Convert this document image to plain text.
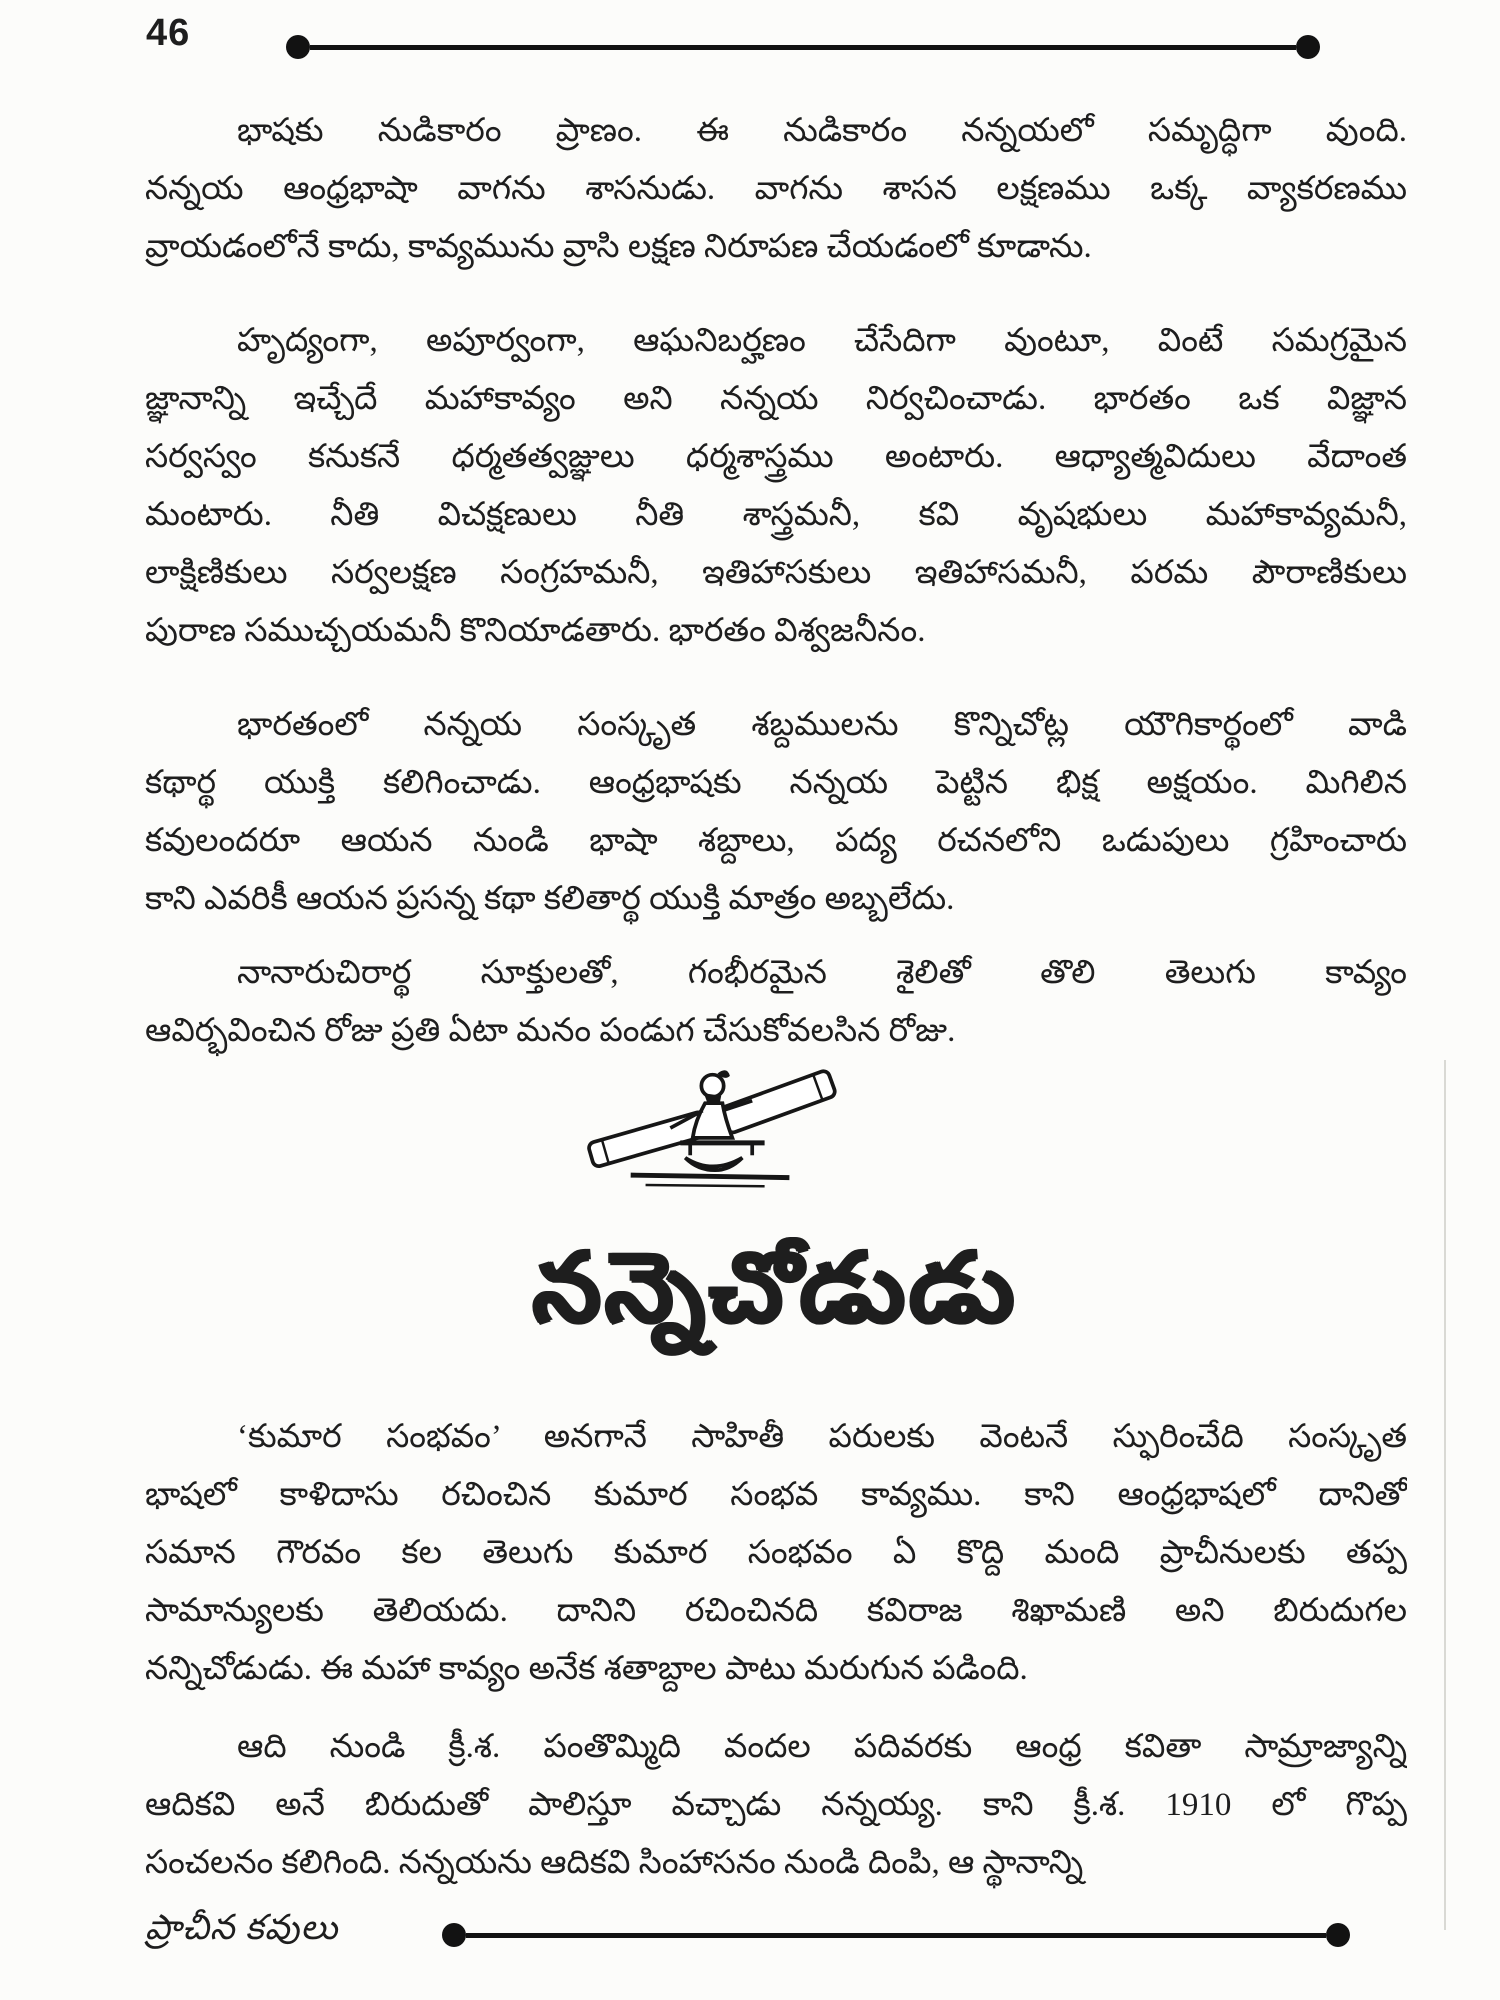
46
భాషకు నుడికారం ప్రాణం. ఈ నుడికారం నన్నయలో సమృద్ధిగా వుంది.
నన్నయ ఆంధ్రభాషా వాగను శాసనుడు. వాగను శాసన లక్షణము ఒక్క వ్యాకరణము
వ్రాయడంలోనే కాదు, కావ్యమును వ్రాసి లక్షణ నిరూపణ చేయడంలో కూడాను.
హృద్యంగా, అపూర్వంగా, ఆఘనిబర్హణం చేసేదిగా వుంటూ, వింటే సమగ్రమైన
జ్ఞానాన్ని ఇచ్చేదే మహాకావ్యం అని నన్నయ నిర్వచించాడు. భారతం ఒక విజ్ఞాన
సర్వస్వం కనుకనే ధర్మతత్వజ్ఞులు ధర్మశాస్త్రము అంటారు. ఆధ్యాత్మవిదులు వేదాంత
మంటారు. నీతి విచక్షణులు నీతి శాస్త్రమనీ, కవి వృషభులు మహాకావ్యమనీ,
లాక్షిణికులు సర్వలక్షణ సంగ్రహమనీ, ఇతిహాసకులు ఇతిహాసమనీ, పరమ పౌరాణికులు
పురాణ సముచ్చయమనీ కొనియాడతారు. భారతం విశ్వజనీనం.
భారతంలో నన్నయ సంస్కృత శబ్దములను కొన్నిచోట్ల యౌగికార్థంలో వాడి
కథార్థ యుక్తి కలిగించాడు. ఆంధ్రభాషకు నన్నయ పెట్టిన భిక్ష అక్షయం. మిగిలిన
కవులందరూ ఆయన నుండి భాషా శబ్దాలు, పద్య రచనలోని ఒడుపులు గ్రహించారు
కాని ఎవరికీ ఆయన ప్రసన్న కథా కలితార్థ యుక్తి మాత్రం అబ్బలేదు.
నానారుచిరార్థ సూక్తులతో, గంభీరమైన శైలితో తొలి తెలుగు కావ్యం
ఆవిర్భవించిన రోజు ప్రతి ఏటా మనం పండుగ చేసుకోవలసిన రోజు.
నన్నెచోడుడు
‘కుమార సంభవం’ అనగానే సాహితీ పరులకు వెంటనే స్ఫురించేది సంస్కృత
భాషలో కాళిదాసు రచించిన కుమార సంభవ కావ్యము. కాని ఆంధ్రభాషలో దానితో
సమాన గౌరవం కల తెలుగు కుమార సంభవం ఏ కొద్ది మంది ప్రాచీనులకు తప్ప
సామాన్యులకు తెలియదు. దానిని రచించినది కవిరాజ శిఖామణి అని బిరుదుగల
నన్నిచోడుడు. ఈ మహా కావ్యం అనేక శతాబ్దాల పాటు మరుగున పడింది.
ఆది నుండి క్రీ.శ. పంతొమ్మిది వందల పదివరకు ఆంధ్ర కవితా సామ్రాజ్యాన్ని
ఆదికవి అనే బిరుదుతో పాలిస్తూ వచ్చాడు నన్నయ్య. కాని క్రీ.శ. 1910 లో గొప్ప
సంచలనం కలిగింది. నన్నయను ఆదికవి సింహాసనం నుండి దింపి, ఆ స్థానాన్ని
ప్రాచీన కవులు
